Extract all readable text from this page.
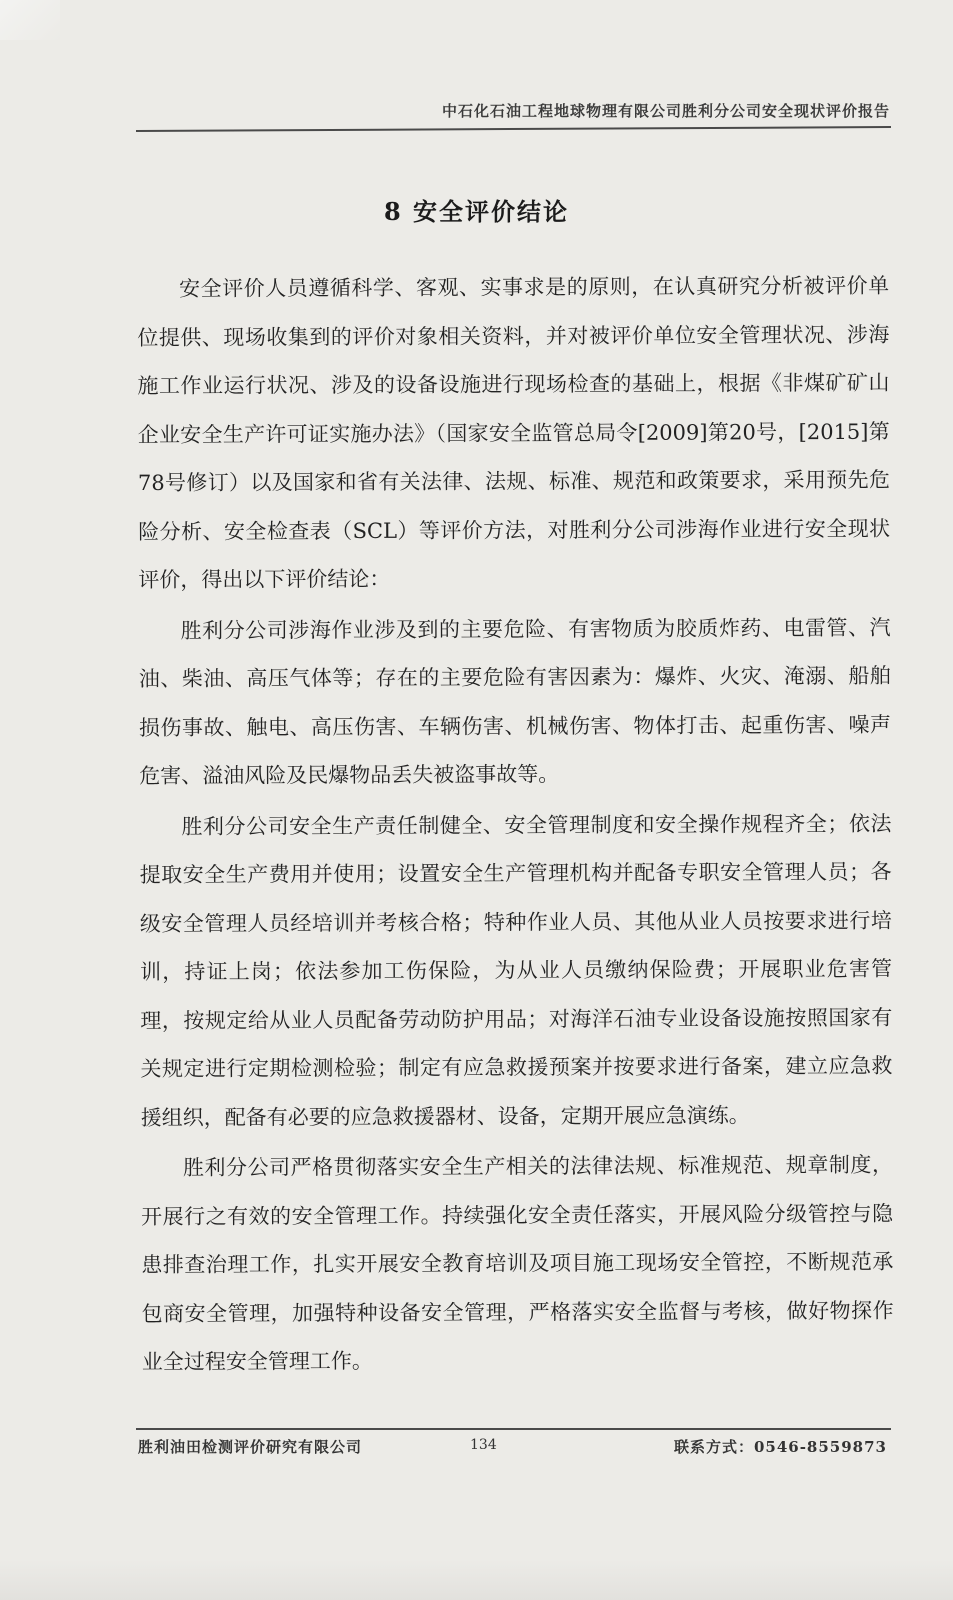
中石化石油工程地球物理有限公司胜利分公司安全现状评价报告
8 安全评价结论

安全评价人员遵循科学、客观、实事求是的原则，在认真研究分析被评价单位提供、现场收集到的评价对象相关资料，并对被评价单位安全管理状况、涉海施工作业运行状况、涉及的设备设施进行现场检查的基础上，根据《非煤矿矿山企业安全生产许可证实施办法》（国家安全监管总局令[2009]第20号，[2015]第78号修订）以及国家和省有关法律、法规、标准、规范和政策要求，采用预先危险分析、安全检查表（SCL）等评价方法，对胜利分公司涉海作业进行安全现状评价，得出以下评价结论：

胜利分公司涉海作业涉及到的主要危险、有害物质为胶质炸药、电雷管、汽油、柴油、高压气体等；存在的主要危险有害因素为：爆炸、火灾、淹溺、船舶损伤事故、触电、高压伤害、车辆伤害、机械伤害、物体打击、起重伤害、噪声危害、溢油风险及民爆物品丢失被盗事故等。

胜利分公司安全生产责任制健全、安全管理制度和安全操作规程齐全；依法提取安全生产费用并使用；设置安全生产管理机构并配备专职安全管理人员；各级安全管理人员经培训并考核合格；特种作业人员、其他从业人员按要求进行培训，持证上岗；依法参加工伤保险，为从业人员缴纳保险费；开展职业危害管理，按规定给从业人员配备劳动防护用品；对海洋石油专业设备设施按照国家有关规定进行定期检测检验；制定有应急救援预案并按要求进行备案，建立应急救援组织，配备有必要的应急救援器材、设备，定期开展应急演练。

胜利分公司严格贯彻落实安全生产相关的法律法规、标准规范、规章制度，开展行之有效的安全管理工作。持续强化安全责任落实，开展风险分级管控与隐患排查治理工作，扎实开展安全教育培训及项目施工现场安全管控，不断规范承包商安全管理，加强特种设备安全管理，严格落实安全监督与考核，做好物探作业全过程安全管理工作。

胜利油田检测评价研究有限公司	134	联系方式：0546-8559873
